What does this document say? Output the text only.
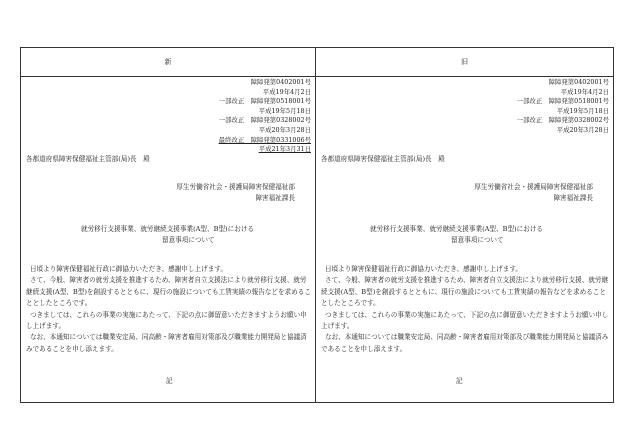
新
障障発第0402001号
平成19年4月2日
一部改正　障障発第0518001号
平成19年5月18日
一部改正　障障発第0328002号
平成20年3月28日
最終改正　障障発第0331006号
平成21年3月31日
各都道府県障害保健福祉主管部(局)長　殿
厚生労働省社会・援護局障害保健福祉部
障害福祉課長
就労移行支援事業、就労継続支援事業(A型、B型)における
留意事項について

日頃より障害保健福祉行政に御協力いただき、感謝申し上げます。

さて、今般、障害者の就労支援を推進するため、障害者自立支援法により就労移行支援、就労継続支援(A型、B型)を創設するとともに、現行の施設についても工賃実績の報告などを求めることとしたところです。

つきましては、これらの事業の実施にあたって、下記の点に御留意いただきますようお願い申し上げます。

なお、本通知については職業安定局、同高齢・障害者雇用対策部及び職業能力開発局と協議済みであることを申し添えます。

記
旧
障障発第0402001号
平成19年4月2日
一部改正　障障発第0518001号
平成19年5月18日
一部改正　障障発第0328002号
平成20年3月28日
各都道府県障害保健福祉主管部(局)長　殿
厚生労働省社会・援護局障害保健福祉部
障害福祉課長
就労移行支援事業、就労継続支援事業(A型、B型)における
留意事項について

日頃より障害保健福祉行政に御協力いただき、感謝申し上げます。

さて、今般、障害者の就労支援を推進するため、障害者自立支援法により就労移行支援、就労継続支援(A型、B型)を創設するとともに、現行の施設についても工賃実績の報告などを求めることとしたところです。

つきましては、これらの事業の実施にあたって、下記の点に御留意いただきますようお願い申し上げます。

なお、本通知については職業安定局、同高齢・障害者雇用対策部及び職業能力開発局と協議済みであることを申し添えます。

記
